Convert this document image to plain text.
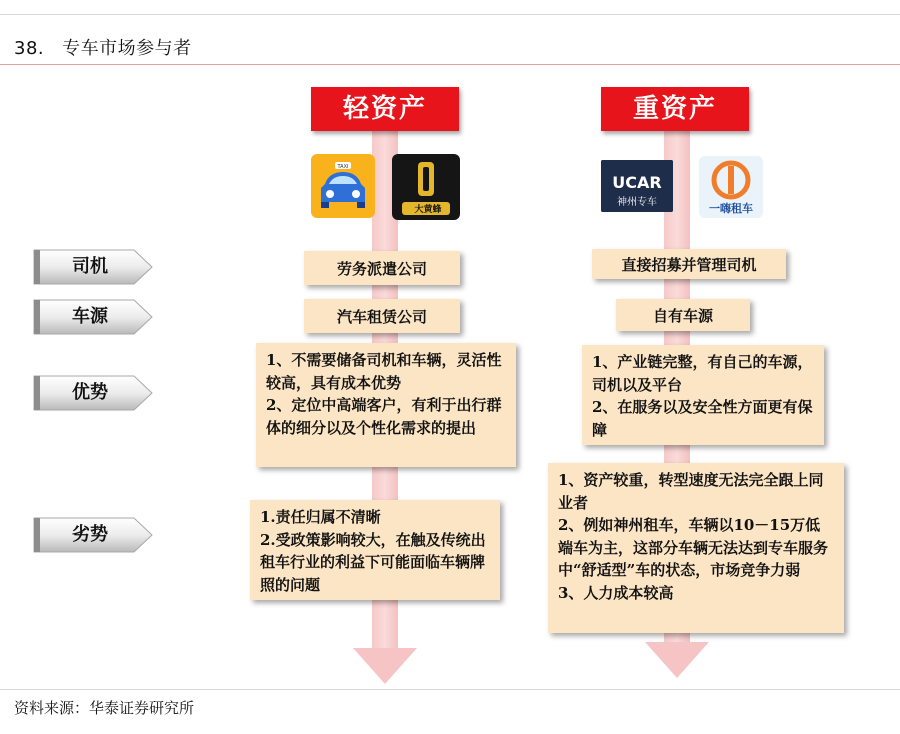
38. 专车市场参与者
轻资产	重资产
TAXI
大黄蜂
UCAR
神州专车	一嗨租车
司机
车源
优势
劣势
劳务派遣公司
汽车租赁公司

1、不需要储备司机和车辆，灵活性较高，具有成本优势

2、定位中高端客户，有利于出行群体的细分以及个性化需求的提出

1.责任归属不清晰

2.受政策影响较大，在触及传统出租车行业的利益下可能面临车辆牌照的问题

直接招募并管理司机
自有车源

1、产业链完整，有自己的车源，司机以及平台

2、在服务以及安全性方面更有保障

1、资产较重，转型速度无法完全跟上同业者

2、例如神州租车，车辆以10－15万低端车为主，这部分车辆无法达到专车服务中“舒适型”车的状态，市场竞争力弱

3、人力成本较高

资料来源：华泰证券研究所
